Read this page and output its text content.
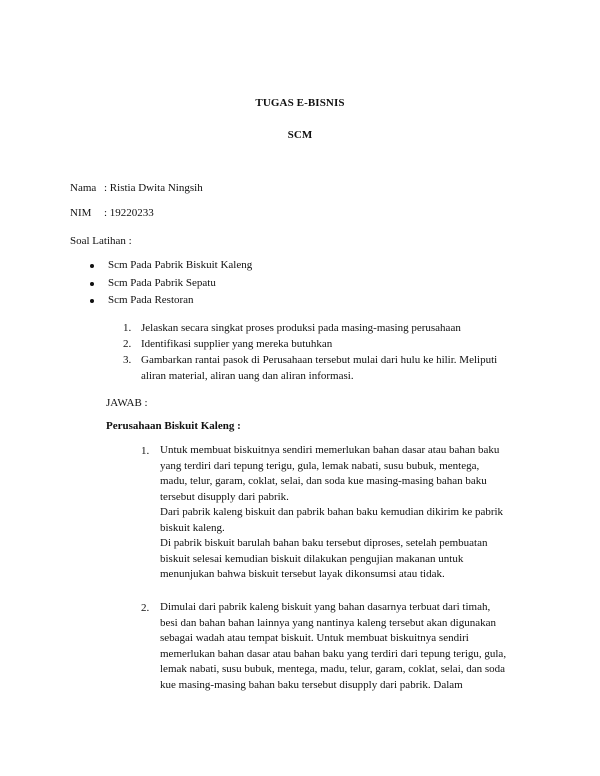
TUGAS E-BISNIS
SCM
Nama : Ristia Dwita Ningsih
NIM : 19220233
Soal Latihan :
Scm Pada Pabrik Biskuit Kaleng
Scm Pada Pabrik Sepatu
Scm Pada Restoran
1. Jelaskan secara singkat proses produksi pada masing-masing perusahaan
2. Identifikasi supplier yang mereka butuhkan
3. Gambarkan rantai pasok di Perusahaan tersebut mulai dari hulu ke hilir. Meliputi
aliran material, aliran uang dan aliran informasi.
JAWAB :
Perusahaan Biskuit Kaleng :
1. Untuk membuat biskuitnya sendiri memerlukan bahan dasar atau bahan baku
yang terdiri dari tepung terigu, gula, lemak nabati, susu bubuk, mentega,
madu, telur, garam, coklat, selai, dan soda kue masing-masing bahan baku
tersebut disupply dari pabrik.
Dari pabrik kaleng biskuit dan pabrik bahan baku kemudian dikirim ke pabrik
biskuit kaleng.
Di pabrik biskuit barulah bahan baku tersebut diproses, setelah pembuatan
biskuit selesai kemudian biskuit dilakukan pengujian makanan untuk
menunjukan bahwa biskuit tersebut layak dikonsumsi atau tidak.
2. Dimulai dari pabrik kaleng biskuit yang bahan dasarnya terbuat dari timah,
besi dan bahan bahan lainnya yang nantinya kaleng tersebut akan digunakan
sebagai wadah atau tempat biskuit. Untuk membuat biskuitnya sendiri
memerlukan bahan dasar atau bahan baku yang terdiri dari tepung terigu, gula,
lemak nabati, susu bubuk, mentega, madu, telur, garam, coklat, selai, dan soda
kue masing-masing bahan baku tersebut disupply dari pabrik. Dalam
